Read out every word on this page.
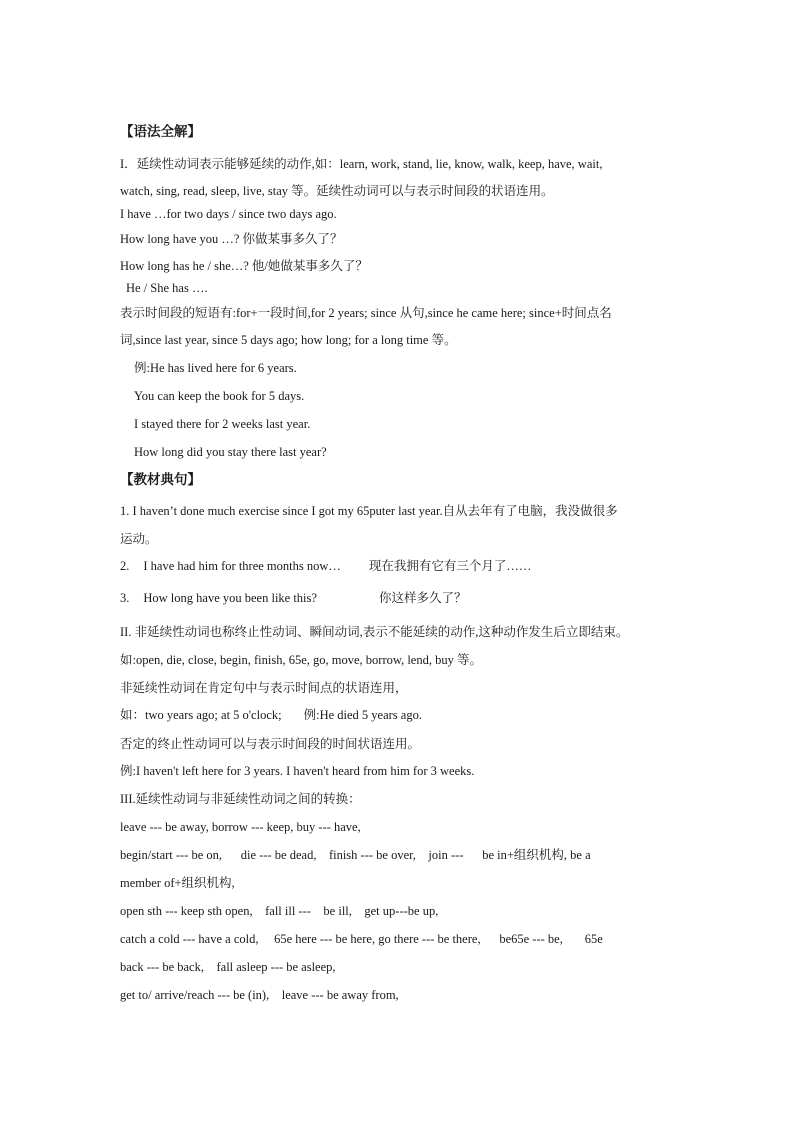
【语法全解】

I．延续性动词表示能够延续的动作,如：learn, work, stand, lie, know, walk, keep, have, wait,

watch, sing, read, sleep, live, stay 等。延续性动词可以与表示时间段的状语连用。

I have …for two days / since two days ago.

How long have you …? 你做某事多久了？

How long has he / she…? 他/她做某事多久了？

He / She has ….

表示时间段的短语有:for+一段时间,for 2 years; since 从句,since he came here; since+时间点名

词,since last year, since 5 days ago; how long; for a long time 等。

例:He has lived here for 6 years.

You can keep the book for 5 days.

I stayed there for 2 weeks last year.

How long did you stay there last year?

【教材典句】

1. I haven’t done much exercise since I got my 65puter last year.自从去年有了电脑，我没做很多

运动。

2. I have had him for three months now… 现在我拥有它有三个月了……

3. How long have you been like this?	你这样多久了？

II. 非延续性动词也称终止性动词、瞬间动词,表示不能延续的动作,这种动作发生后立即结束。

如:open, die, close, begin, finish, 65e, go, move, borrow, lend, buy 等。

非延续性动词在肯定句中与表示时间点的状语连用，

如：two years ago; at 5 o'clock; 例:He died 5 years ago.

否定的终止性动词可以与表示时间段的时间状语连用。

例:I haven't left here for 3 years. I haven't heard from him for 3 weeks.

III.延续性动词与非延续性动词之间的转换：

leave --- be away, borrow --- keep, buy --- have,

begin/start --- be on,      die --- be dead,    finish --- be over,    join ---      be in+组织机构, be a

member of+组织机构,

open sth --- keep sth open,    fall ill ---    be ill,    get up---be up,

catch a cold --- have a cold,     65e here --- be here, go there --- be there,      be65e --- be,       65e

back --- be back,    fall asleep --- be asleep,

get to/ arrive/reach --- be (in),    leave --- be away from,
